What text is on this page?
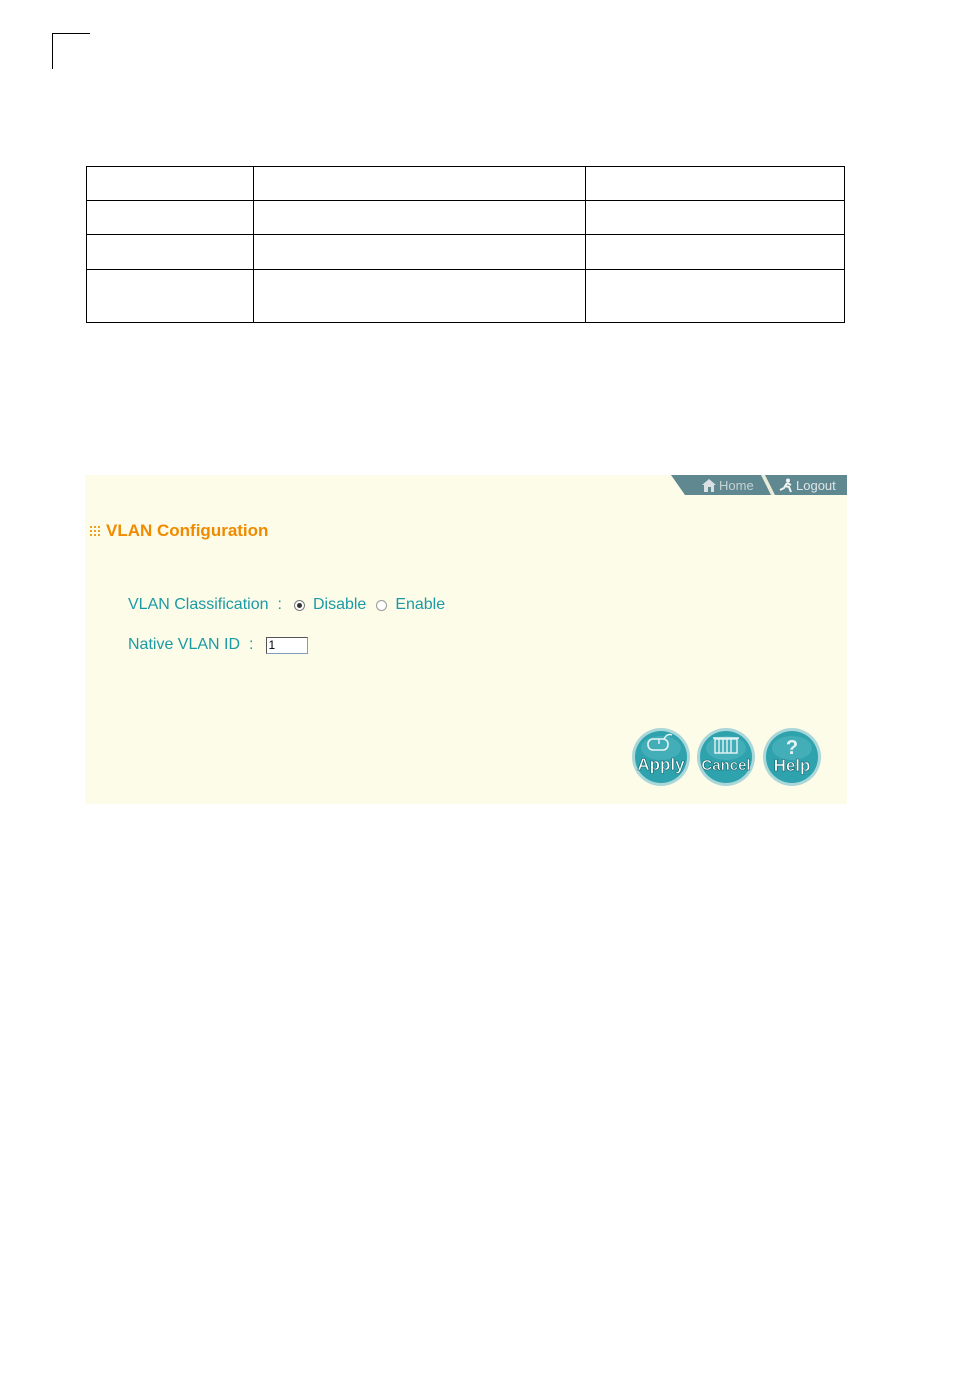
Home	Logout
VLAN Configuration
VLAN Classification : Disable Enable
Native VLAN ID :
1
Apply Cancel
?
Help
